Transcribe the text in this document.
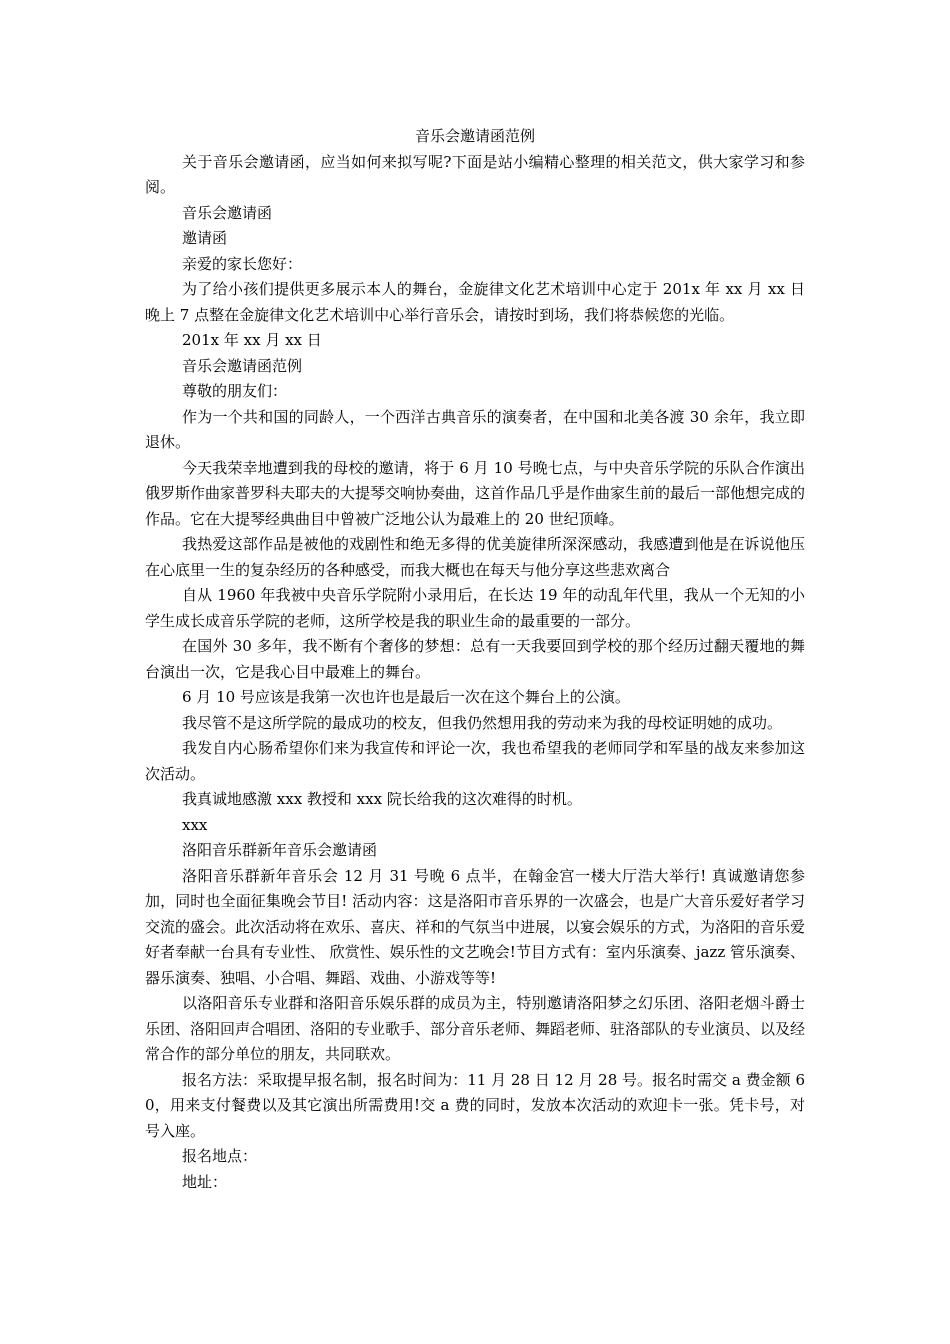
音乐会邀请函范例
关于音乐会邀请函，应当如何来拟写呢?下面是站小编精心整理的相关范文，供大家学习和参阅。
音乐会邀请函
邀请函
亲爱的家长您好：
为了给小孩们提供更多展示本人的舞台，金旋律文化艺术培训中心定于 201x 年 xx 月 xx 日晚上 7 点整在金旋律文化艺术培训中心举行音乐会，请按时到场，我们将恭候您的光临。
201x 年 xx 月 xx 日
音乐会邀请函范例
尊敬的朋友们：
作为一个共和国的同龄人，一个西洋古典音乐的演奏者，在中国和北美各渡 30 余年，我立即退休。
今天我荣幸地遭到我的母校的邀请，将于 6 月 10 号晚七点，与中央音乐学院的乐队合作演出俄罗斯作曲家普罗科夫耶夫的大提琴交响协奏曲，这首作品几乎是作曲家生前的最后一部他想完成的作品。它在大提琴经典曲目中曾被广泛地公认为最难上的 20 世纪顶峰。
我热爱这部作品是被他的戏剧性和绝无多得的优美旋律所深深感动，我感遭到他是在诉说他压在心底里一生的复杂经历的各种感受，而我大概也在每天与他分享这些悲欢离合
自从 1960 年我被中央音乐学院附小录用后，在长达 19 年的动乱年代里，我从一个无知的小学生成长成音乐学院的老师，这所学校是我的职业生命的最重要的一部分。
在国外 30 多年，我不断有个奢侈的梦想：总有一天我要回到学校的那个经历过翻天覆地的舞台演出一次，它是我心目中最难上的舞台。
6 月 10 号应该是我第一次也许也是最后一次在这个舞台上的公演。
我尽管不是这所学院的最成功的校友，但我仍然想用我的劳动来为我的母校证明她的成功。
我发自内心肠希望你们来为我宣传和评论一次，我也希望我的老师同学和军垦的战友来参加这次活动。
我真诚地感激 xxx 教授和 xxx 院长给我的这次难得的时机。
xxx
洛阳音乐群新年音乐会邀请函
洛阳音乐群新年音乐会 12 月 31 号晚 6 点半，在翰金宫一楼大厅浩大举行! 真诚邀请您参加，同时也全面征集晚会节目! 活动内容：这是洛阳市音乐界的一次盛会，也是广大音乐爱好者学习交流的盛会。此次活动将在欢乐、喜庆、祥和的气氛当中进展，以宴会娱乐的方式，为洛阳的音乐爱好者奉献一台具有专业性、 欣赏性、娱乐性的文艺晚会!节目方式有：室内乐演奏、jazz 管乐演奏、器乐演奏、独唱、小合唱、舞蹈、戏曲、小游戏等等!
以洛阳音乐专业群和洛阳音乐娱乐群的成员为主，特别邀请洛阳梦之幻乐团、洛阳老烟斗爵士乐团、洛阳回声合唱团、洛阳的专业歌手、部分音乐老师、舞蹈老师、驻洛部队的专业演员、以及经常合作的部分单位的朋友，共同联欢。
报名方法：采取提早报名制，报名时间为：11 月 28 日 12 月 28 号。报名时需交 a 费金额 60，用来支付餐费以及其它演出所需费用!交 a 费的同时，发放本次活动的欢迎卡一张。凭卡号，对号入座。
报名地点：
地址：
